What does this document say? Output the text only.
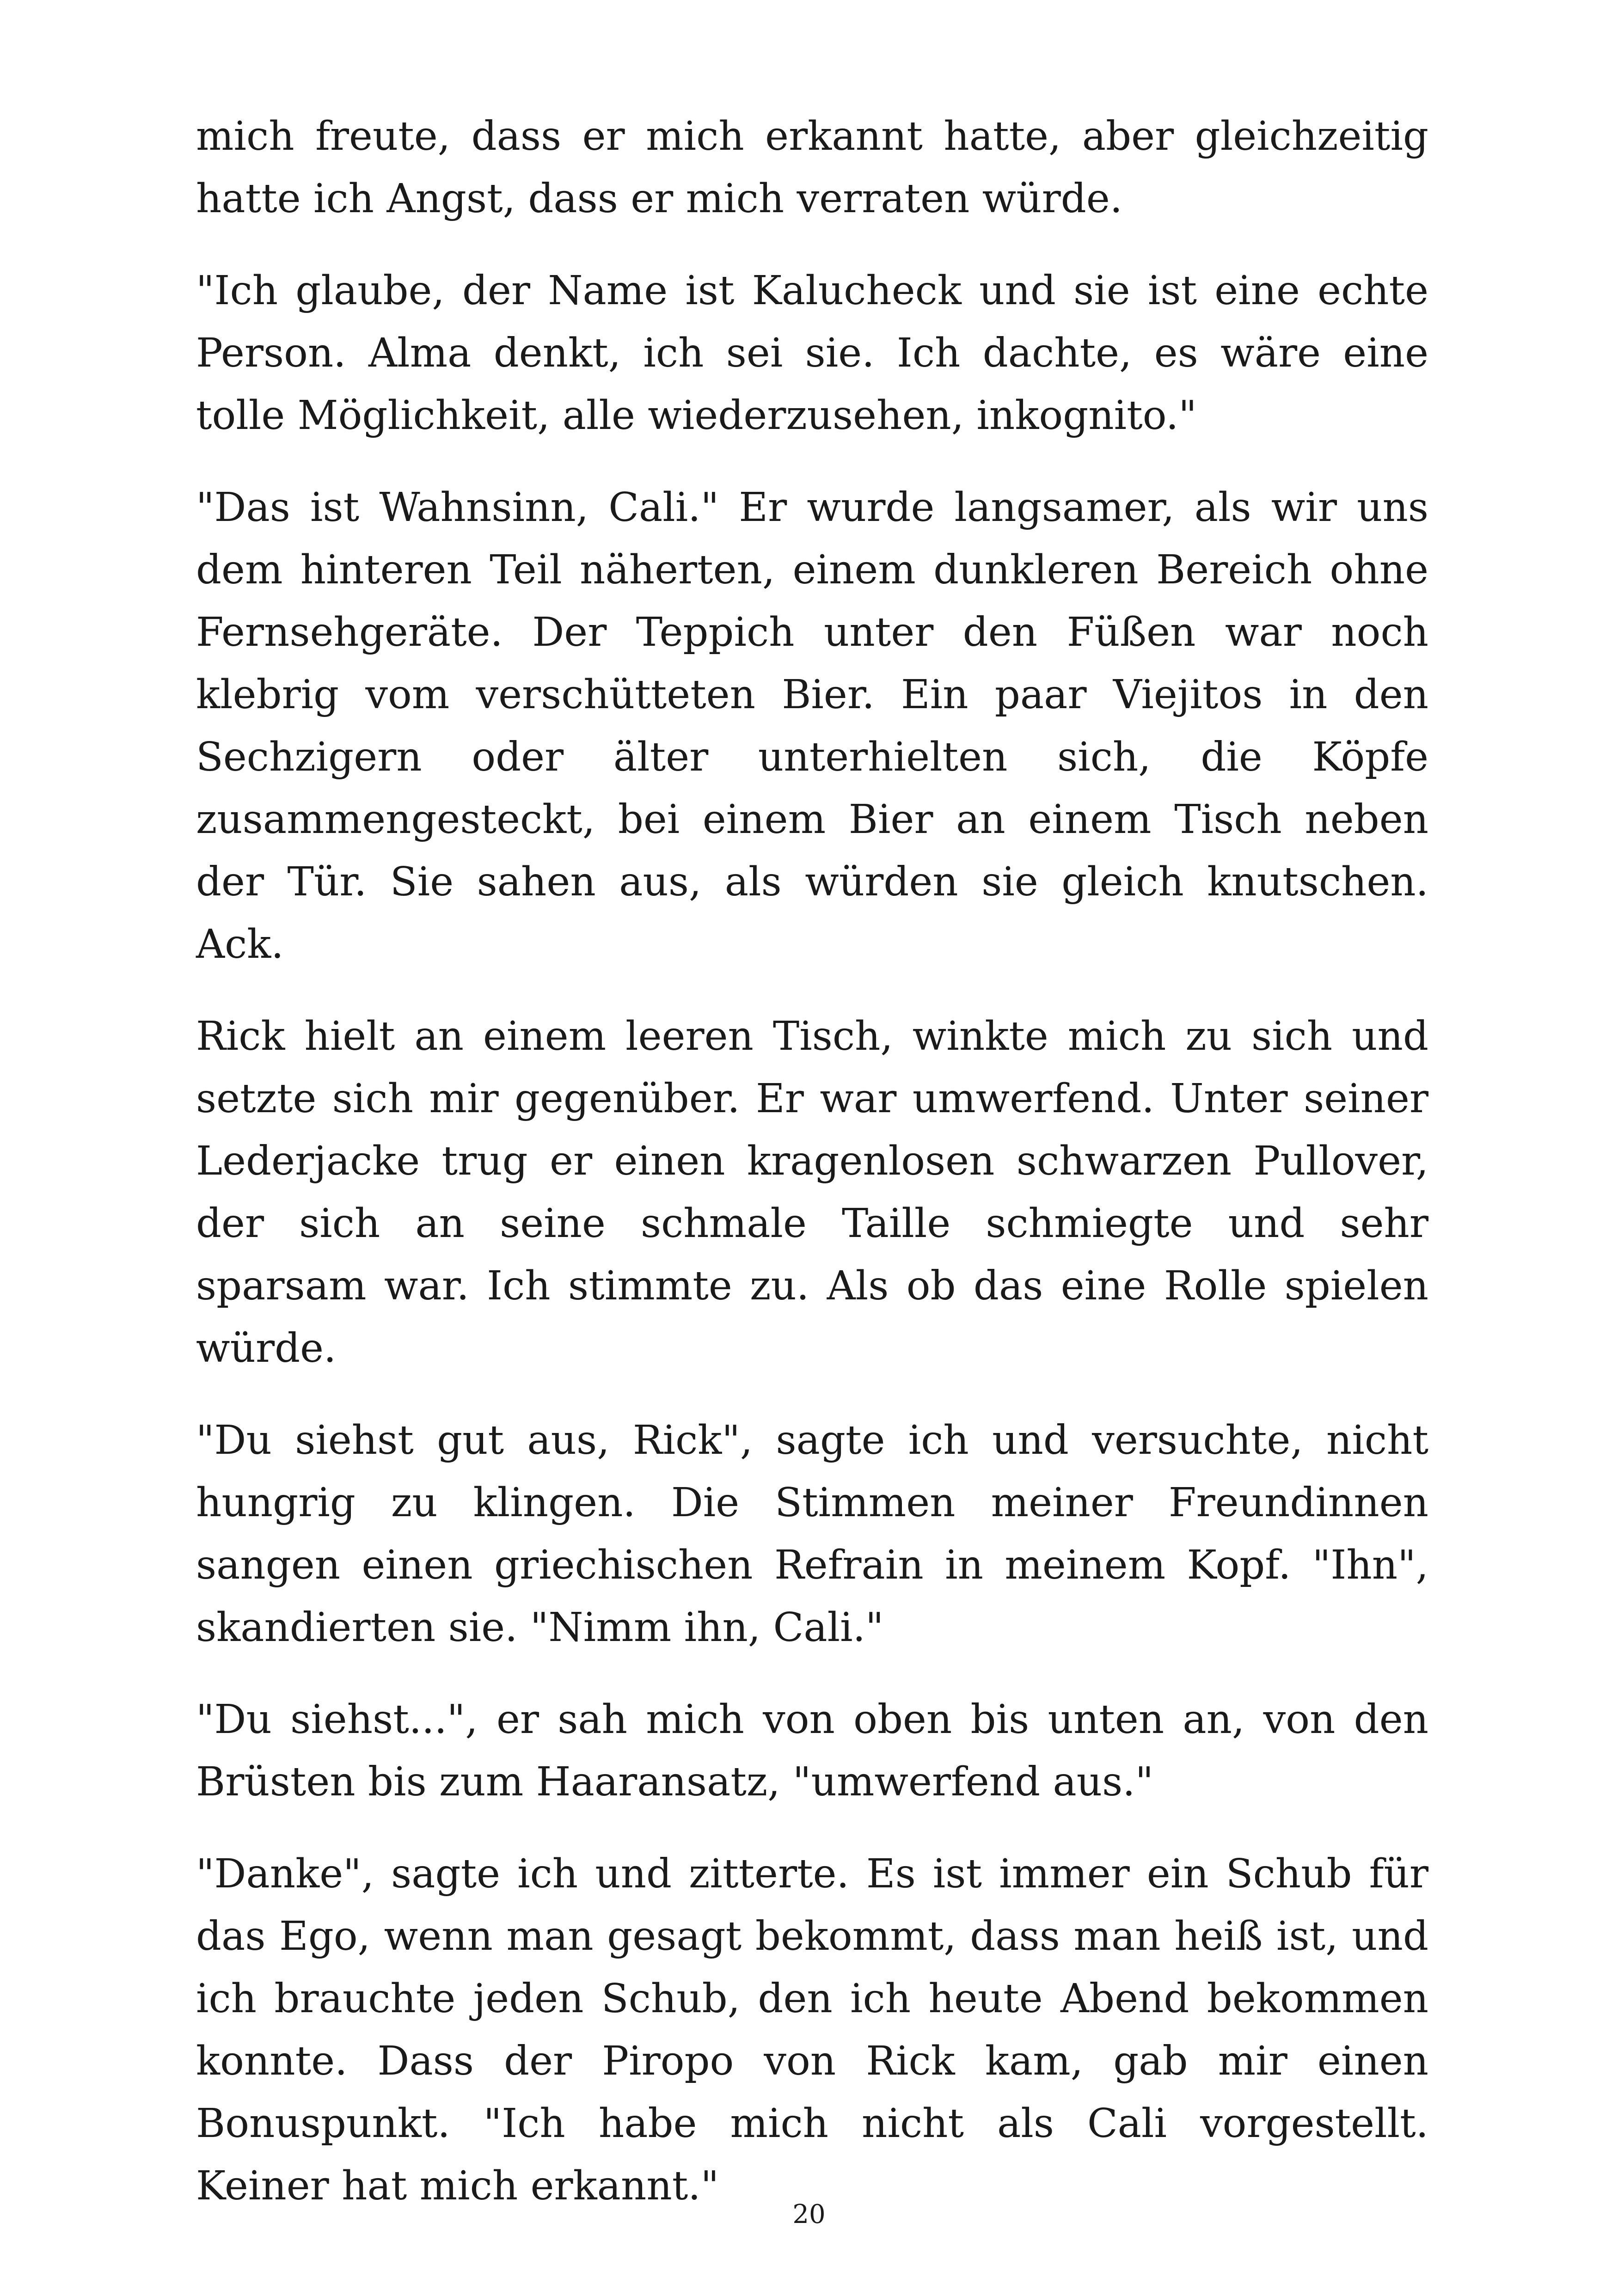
mich freute, dass er mich erkannt hatte, aber gleichzeitig hatte ich Angst, dass er mich verraten würde.

"Ich glaube, der Name ist Kalucheck und sie ist eine echte Person. Alma denkt, ich sei sie. Ich dachte, es wäre eine tolle Möglichkeit, alle wiederzusehen, inkognito."

"Das ist Wahnsinn, Cali." Er wurde langsamer, als wir uns dem hinteren Teil näherten, einem dunkleren Bereich ohne Fernsehgeräte. Der Teppich unter den Füßen war noch klebrig vom verschütteten Bier. Ein paar Viejitos in den Sechzigern oder älter unterhielten sich, die Köpfe zusammengesteckt, bei einem Bier an einem Tisch neben der Tür. Sie sahen aus, als würden sie gleich knutschen. Ack.

Rick hielt an einem leeren Tisch, winkte mich zu sich und setzte sich mir gegenüber. Er war umwerfend. Unter seiner Lederjacke trug er einen kragenlosen schwarzen Pullover, der sich an seine schmale Taille schmiegte und sehr sparsam war. Ich stimmte zu. Als ob das eine Rolle spielen würde.

"Du siehst gut aus, Rick", sagte ich und versuchte, nicht hungrig zu klingen. Die Stimmen meiner Freundinnen sangen einen griechischen Refrain in meinem Kopf. "Ihn", skandierten sie. "Nimm ihn, Cali."

"Du siehst...", er sah mich von oben bis unten an, von den Brüsten bis zum Haaransatz, "umwerfend aus."

"Danke", sagte ich und zitterte. Es ist immer ein Schub für das Ego, wenn man gesagt bekommt, dass man heiß ist, und ich brauchte jeden Schub, den ich heute Abend bekommen konnte. Dass der Piropo von Rick kam, gab mir einen Bonuspunkt. "Ich habe mich nicht als Cali vorgestellt. Keiner hat mich erkannt."

20
